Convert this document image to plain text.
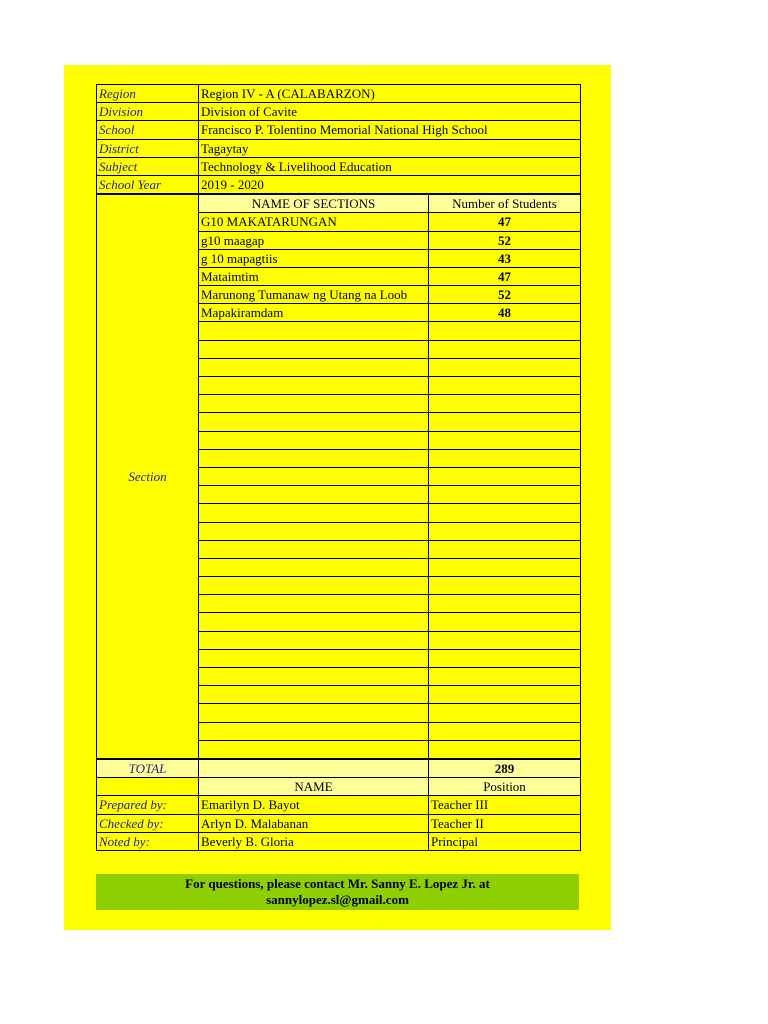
Region	Region IV - A (CALABARZON)	
Division	Division of Cavite	
School	Francisco P. Tolentino Memorial National High School	
District	Tagaytay	
Subject	Technology & Livelihood Education	
School Year	2019 - 2020	
Section	NAME OF SECTIONS	Number of Students
	G10 MAKATARUNGAN	47
	g10 maagap	52
	g 10 mapagtiis	43
	Mataimtim	47
	Marunong Tumanaw ng Utang na Loob	52
	Mapakiramdam	48

TOTAL		289
	NAME	Position
Prepared by:	Emarilyn D. Bayot	Teacher III
Checked by:	Arlyn D. Malabanan	Teacher II
Noted by:	Beverly B. Gloria	Principal
For questions, please contact Mr. Sanny E. Lopez Jr. at
sannylopez.sl@gmail.com
